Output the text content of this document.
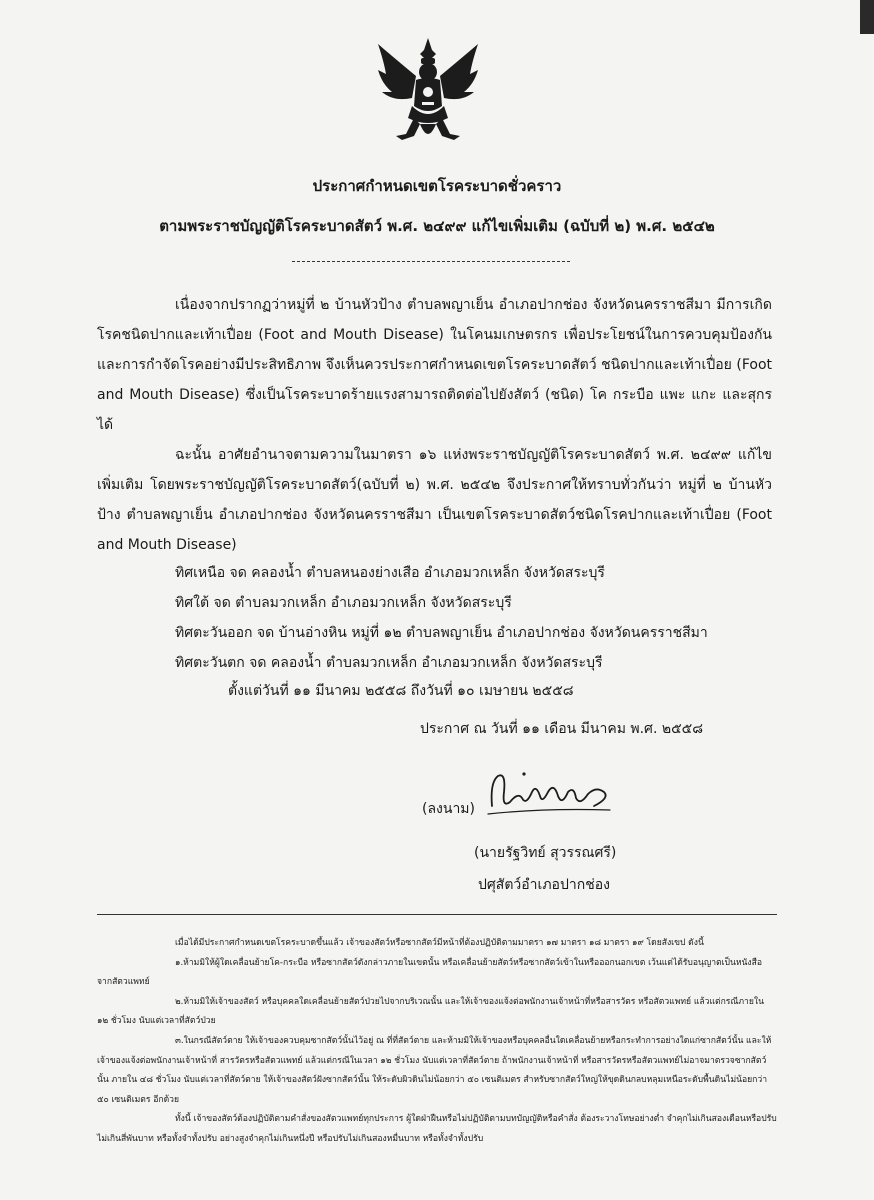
ประกาศกำหนดเขตโรคระบาดชั่วคราว
ตามพระราชบัญญัติโรคระบาดสัตว์ พ.ศ. ๒๔๙๙ แก้ไขเพิ่มเติม (ฉบับที่ ๒) พ.ศ. ๒๕๔๒
เนื่องจากปรากฏว่าหมู่ที่ ๒ บ้านหัวป้าง ตำบลพญาเย็น อำเภอปากช่อง จังหวัดนครราชสีมา มีการเกิดโรคชนิดปากและเท้าเปื่อย (Foot and Mouth Disease) ในโคนมเกษตรกร เพื่อประโยชน์ในการควบคุมป้องกัน และการกำจัดโรคอย่างมีประสิทธิภาพ จึงเห็นควรประกาศกำหนดเขตโรคระบาดสัตว์ ชนิดปากและเท้าเปื่อย (Foot and Mouth Disease) ซึ่งเป็นโรคระบาดร้ายแรงสามารถติดต่อไปยังสัตว์ (ชนิด) โค กระบือ แพะ แกะ และสุกรได้
ฉะนั้น อาศัยอำนาจตามความในมาตรา ๑๖ แห่งพระราชบัญญัติโรคระบาดสัตว์ พ.ศ. ๒๔๙๙ แก้ไขเพิ่มเติม โดยพระราชบัญญัติโรคระบาดสัตว์(ฉบับที่ ๒) พ.ศ. ๒๕๔๒ จึงประกาศให้ทราบทั่วกันว่า หมู่ที่ ๒ บ้านหัวป้าง ตำบลพญาเย็น อำเภอปากช่อง จังหวัดนครราชสีมา เป็นเขตโรคระบาดสัตว์ชนิดโรคปากและเท้าเปื่อย (Foot and Mouth Disease)
ทิศเหนือ จด คลองน้ำ ตำบลหนองย่างเสือ อำเภอมวกเหล็ก จังหวัดสระบุรี
ทิศใต้ จด ตำบลมวกเหล็ก อำเภอมวกเหล็ก จังหวัดสระบุรี
ทิศตะวันออก จด บ้านอ่างหิน หมู่ที่ ๑๒ ตำบลพญาเย็น อำเภอปากช่อง จังหวัดนครราชสีมา
ทิศตะวันตก จด คลองน้ำ ตำบลมวกเหล็ก อำเภอมวกเหล็ก จังหวัดสระบุรี
ตั้งแต่วันที่ ๑๑ มีนาคม ๒๕๕๘ ถึงวันที่ ๑๐ เมษายน ๒๕๕๘
ประกาศ ณ วันที่ ๑๑ เดือน มีนาคม พ.ศ. ๒๕๕๘
(ลงนาม)
(นายรัฐวิทย์ สุวรรณศรี)
ปศุสัตว์อำเภอปากช่อง

เมื่อได้มีประกาศกำหนดเขตโรคระบาดขึ้นแล้ว เจ้าของสัตว์หรือซากสัตว์มีหน้าที่ต้องปฏิบัติตามมาตรา ๑๗ มาตรา ๑๘ มาตรา ๑๙ โดยสังเขป ดังนี้

๑.ห้ามมิให้ผู้ใดเคลื่อนย้ายโค-กระบือ หรือซากสัตว์ดังกล่าวภายในเขตนั้น หรือเคลื่อนย้ายสัตว์หรือซากสัตว์เข้าในหรือออกนอกเขต เว้นแต่ได้รับอนุญาตเป็นหนังสือจากสัตวแพทย์

๒.ห้ามมิให้เจ้าของสัตว์ หรือบุคคลใดเคลื่อนย้ายสัตว์ป่วยไปจากบริเวณนั้น และให้เจ้าของแจ้งต่อพนักงานเจ้าหน้าที่หรือสารวัตร หรือสัตวแพทย์ แล้วแต่กรณีภายใน ๑๒ ชั่วโมง นับแต่เวลาที่สัตว์ป่วย

๓.ในกรณีสัตว์ตาย ให้เจ้าของควบคุมซากสัตว์นั้นไว้อยู่ ณ ที่ที่สัตว์ตาย และห้ามมิให้เจ้าของหรือบุคคลอื่นใดเคลื่อนย้ายหรือกระทำการอย่างใดแก่ซากสัตว์นั้น และให้เจ้าของแจ้งต่อพนักงานเจ้าหน้าที่ สารวัตรหรือสัตวแพทย์ แล้วแต่กรณีในเวลา ๑๒ ชั่วโมง นับแต่เวลาที่สัตว์ตาย ถ้าพนักงานเจ้าหน้าที่ หรือสารวัตรหรือสัตวแพทย์ไม่อาจมาตรวจซากสัตว์นั้น ภายใน ๔๘ ชั่วโมง นับแต่เวลาที่สัตว์ตาย ให้เจ้าของสัตว์ฝังซากสัตว์นั้น ให้ระดับผิวดินไม่น้อยกว่า ๕๐ เซนติเมตร สำหรับซากสัตว์ใหญ่ให้ขุดดินกลบหลุมเหนือระดับพื้นดินไม่น้อยกว่า ๕๐ เซนติเมตร อีกด้วย

ทั้งนี้ เจ้าของสัตว์ต้องปฏิบัติตามคำสั่งของสัตวแพทย์ทุกประการ ผู้ใดฝ่าฝืนหรือไม่ปฏิบัติตามบทบัญญัติหรือคำสั่ง ต้องระวางโทษอย่างต่ำ จำคุกไม่เกินสองเดือนหรือปรับไม่เกินสี่พันบาท หรือทั้งจำทั้งปรับ อย่างสูงจำคุกไม่เกินหนึ่งปี หรือปรับไม่เกินสองหมื่นบาท หรือทั้งจำทั้งปรับ
